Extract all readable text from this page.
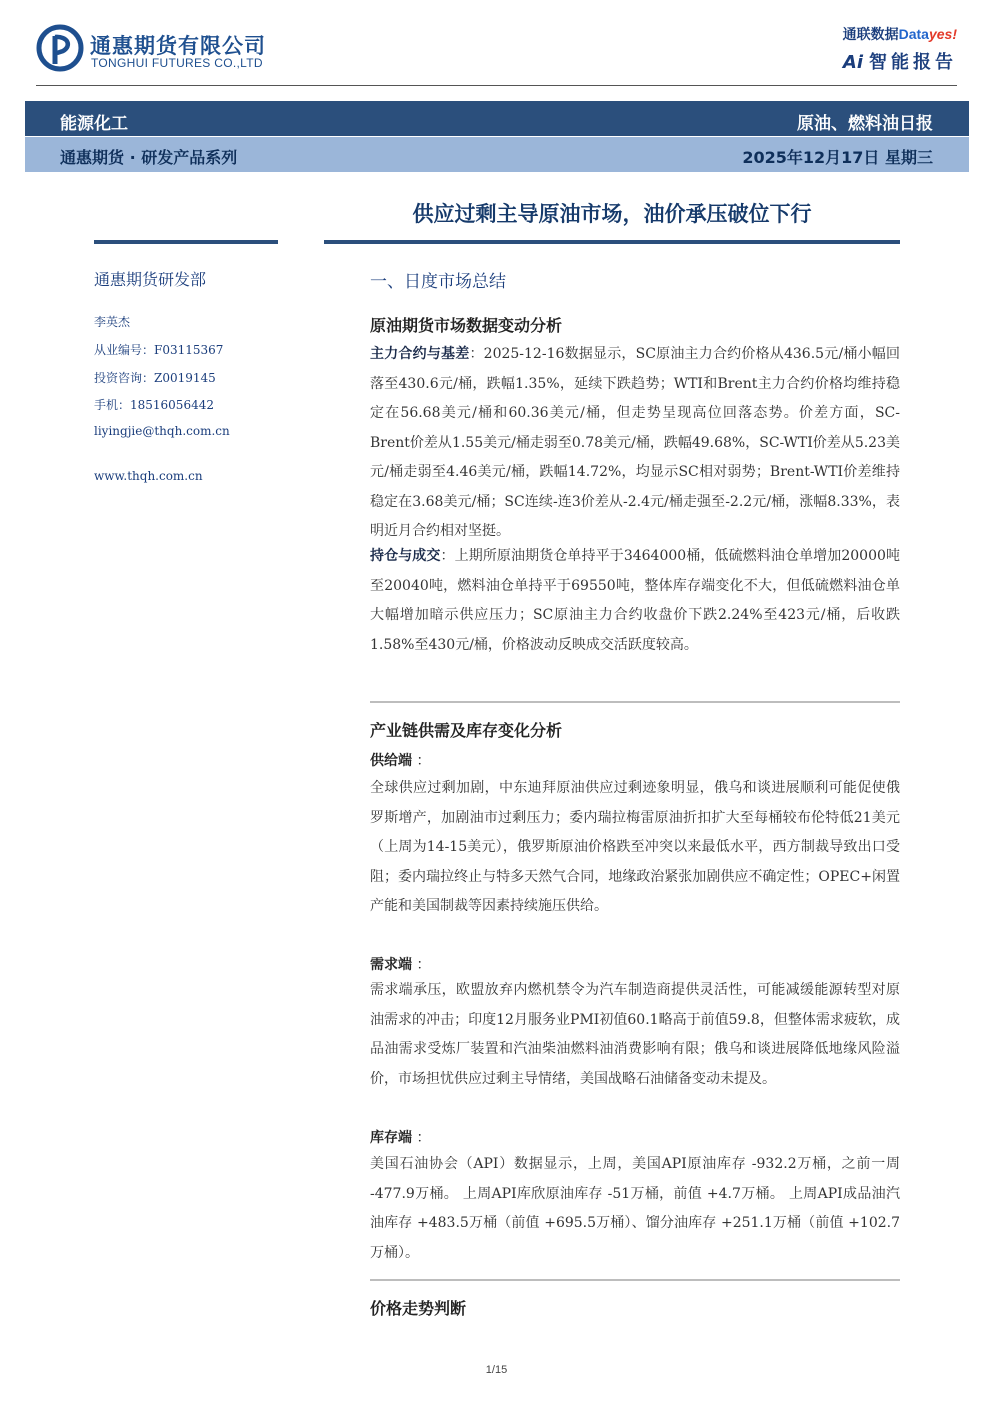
通惠期货有限公司
TONGHUI FUTURES CO.,LTD
通联数据Datayes!
Ai 智能报告
能源化工	原油、燃料油日报
通惠期货 · 研发产品系列	2025年12月17日 星期三
供应过剩主导原油市场，油价承压破位下行
通惠期货研发部
李英杰
从业编号：F03115367
投资咨询：Z0019145
手机：18516056442
liyingjie@thqh.com.cn
www.thqh.com.cn
一、日度市场总结
原油期货市场数据变动分析
主力合约与基差：2025-12-16数据显示，SC原油主力合约价格从436.5元/桶小幅回落至430.6元/桶，跌幅1.35%，延续下跌趋势；WTI和Brent主力合约价格均维持稳定在56.68美元/桶和60.36美元/桶，但走势呈现高位回落态势。价差方面，SC-Brent价差从1.55美元/桶走弱至0.78美元/桶，跌幅49.68%，SC-WTI价差从5.23美元/桶走弱至4.46美元/桶，跌幅14.72%，均显示SC相对弱势；Brent-WTI价差维持稳定在3.68美元/桶；SC连续-连3价差从-2.4元/桶走强至-2.2元/桶，涨幅8.33%，表明近月合约相对坚挺。
持仓与成交：上期所原油期货仓单持平于3464000桶，低硫燃料油仓单增加20000吨至20040吨，燃料油仓单持平于69550吨，整体库存端变化不大，但低硫燃料油仓单大幅增加暗示供应压力；SC原油主力合约收盘价下跌2.24%至423元/桶，后收跌1.58%至430元/桶，价格波动反映成交活跃度较高。
产业链供需及库存变化分析
供给端 ：
全球供应过剩加剧，中东迪拜原油供应过剩迹象明显，俄乌和谈进展顺利可能促使俄罗斯增产，加剧油市过剩压力；委内瑞拉梅雷原油折扣扩大至每桶较布伦特低21美元（上周为14-15美元），俄罗斯原油价格跌至冲突以来最低水平，西方制裁导致出口受阻；委内瑞拉终止与特多天然气合同，地缘政治紧张加剧供应不确定性；OPEC+闲置产能和美国制裁等因素持续施压供给。
需求端 ：
需求端承压，欧盟放弃内燃机禁令为汽车制造商提供灵活性，可能减缓能源转型对原油需求的冲击；印度12月服务业PMI初值60.1略高于前值59.8，但整体需求疲软，成品油需求受炼厂装置和汽油柴油燃料油消费影响有限；俄乌和谈进展降低地缘风险溢价，市场担忧供应过剩主导情绪，美国战略石油储备变动未提及。
库存端 ：
美国石油协会（API）数据显示，上周，美国API原油库存 -932.2万桶，之前一周 -477.9万桶。 上周API库欣原油库存 -51万桶，前值 +4.7万桶。 上周API成品油汽油库存 +483.5万桶（前值 +695.5万桶）、馏分油库存 +251.1万桶（前值 +102.7万桶）。
价格走势判断
1/15
